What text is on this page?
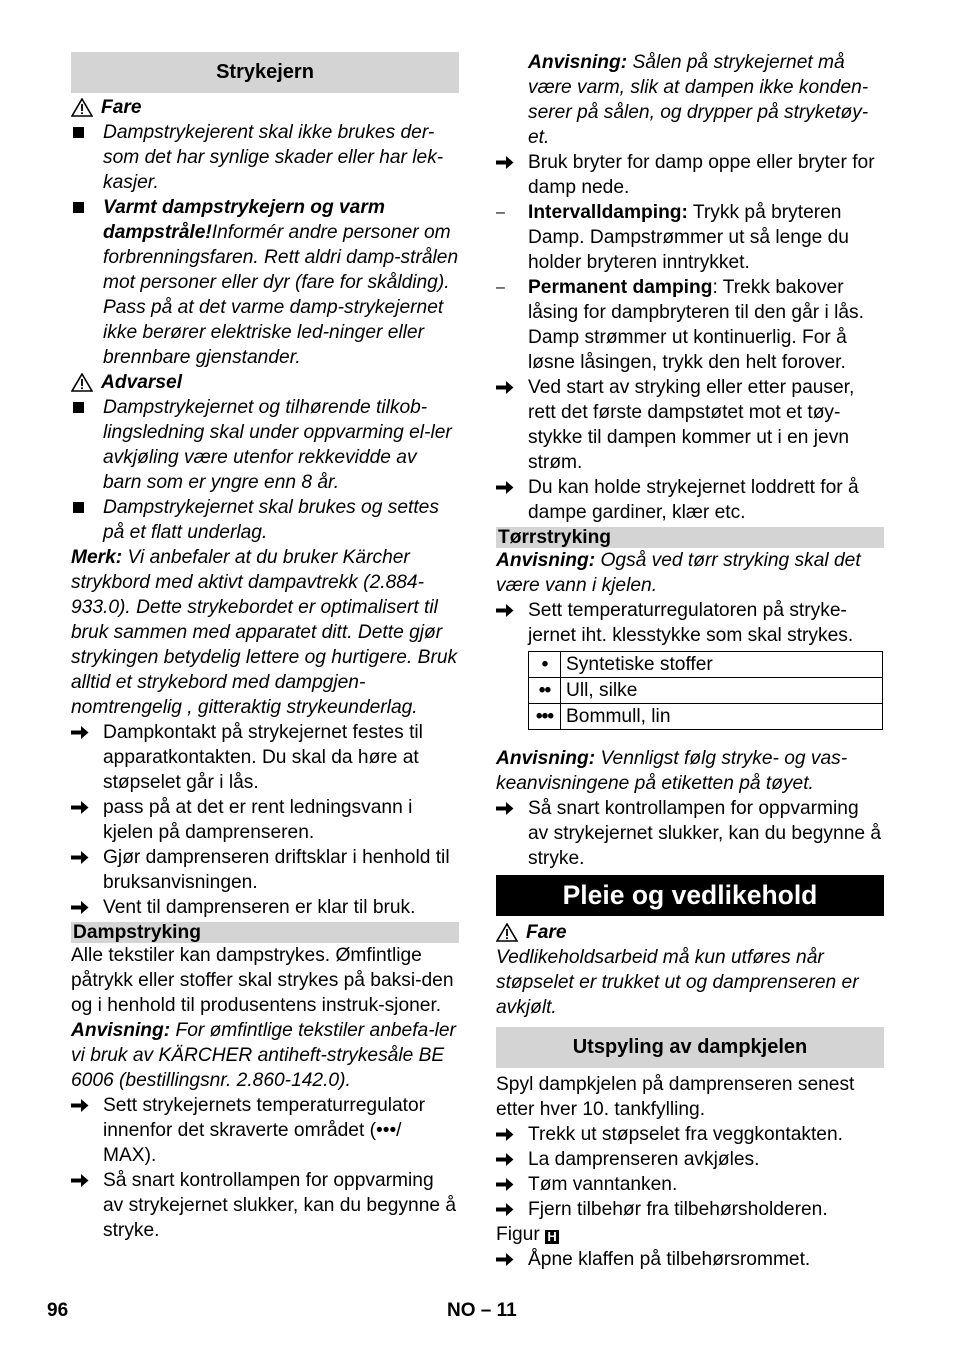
Strykejern
Fare
Dampstrykejerent skal ikke brukes der-som det har synlige skader eller har lek-kasjer.
Varmt dampstrykejern og varm dampstråle!Informér andre personer om forbrenningsfaren. Rett aldri damp-strålen mot personer eller dyr (fare for skålding). Pass på at det varme damp-strykejernet ikke berører elektriske led-ninger eller brennbare gjenstander.
Advarsel
Dampstrykejernet og tilhørende tilkob-lingsledning skal under oppvarming el-ler avkjøling være utenfor rekkevidde av barn som er yngre enn 8 år.
Dampstrykejernet skal brukes og settes på et flatt underlag.
Merk: Vi anbefaler at du bruker Kärcher strykbord med aktivt dampavtrekk (2.884-933.0). Dette strykebordet er optimalisert til bruk sammen med apparatet ditt. Dette gjør strykingen betydelig lettere og hurtigere. Bruk alltid et strykebord med dampgjen-nomtrengelig , gitteraktig strykeunderlag.
Dampkontakt på strykejernet festes til apparatkontakten. Du skal da høre at støpselet går i lås.
pass på at det er rent ledningsvann i kjelen på damprenseren.
Gjør damprenseren driftsklar i henhold til bruksanvisningen.
Vent til damprenseren er klar til bruk.
Dampstryking
Alle tekstiler kan dampstrykes. Ømfintlige påtrykk eller stoffer skal strykes på baksi-den og i henhold til produsentens instruk-sjoner.
Anvisning: For ømfintlige tekstiler anbefa-ler vi bruk av KÄRCHER antiheft-strykesåle BE 6006 (bestillingsnr. 2.860-142.0).
Sett strykejernets temperaturregulator innenfor det skraverte området (•••/ MAX).
Så snart kontrollampen for oppvarming av strykejernet slukker, kan du begynne å stryke.
Anvisning: Sålen på strykejernet må være varm, slik at dampen ikke konden-serer på sålen, og drypper på stryketøy-et.
Bruk bryter for damp oppe eller bryter for damp nede.
–	Intervalldamping: Trykk på bryteren Damp. Dampstrømmer ut så lenge du holder bryteren inntrykket.
–	Permanent damping: Trekk bakover låsing for dampbryteren til den går i lås. Damp strømmer ut kontinuerlig. For å løsne låsingen, trykk den helt forover.
Ved start av stryking eller etter pauser, rett det første dampstøtet mot et tøy-stykke til dampen kommer ut i en jevn strøm.
Du kan holde strykejernet loddrett for å dampe gardiner, klær etc.
Tørrstryking
Anvisning: Også ved tørr stryking skal det være vann i kjelen.
Sett temperaturregulatoren på stryke-jernet iht. klesstykke som skal strykes.
•	Syntetiske stoffer
••	Ull, silke
•••	Bommull, lin
Anvisning: Vennligst følg stryke- og vas-keanvisningene på etiketten på tøyet.
Så snart kontrollampen for oppvarming av strykejernet slukker, kan du begynne å stryke.
Pleie og vedlikehold
Fare
Vedlikeholdsarbeid må kun utføres når støpselet er trukket ut og damprenseren er avkjølt.
Utspyling av dampkjelen
Spyl dampkjelen på damprenseren senest etter hver 10. tankfylling.
Trekk ut støpselet fra veggkontakten.
La damprenseren avkjøles.
Tøm vanntanken.
Fjern tilbehør fra tilbehørsholderen.
Figur H
Åpne klaffen på tilbehørsrommet.
96	NO – 11
